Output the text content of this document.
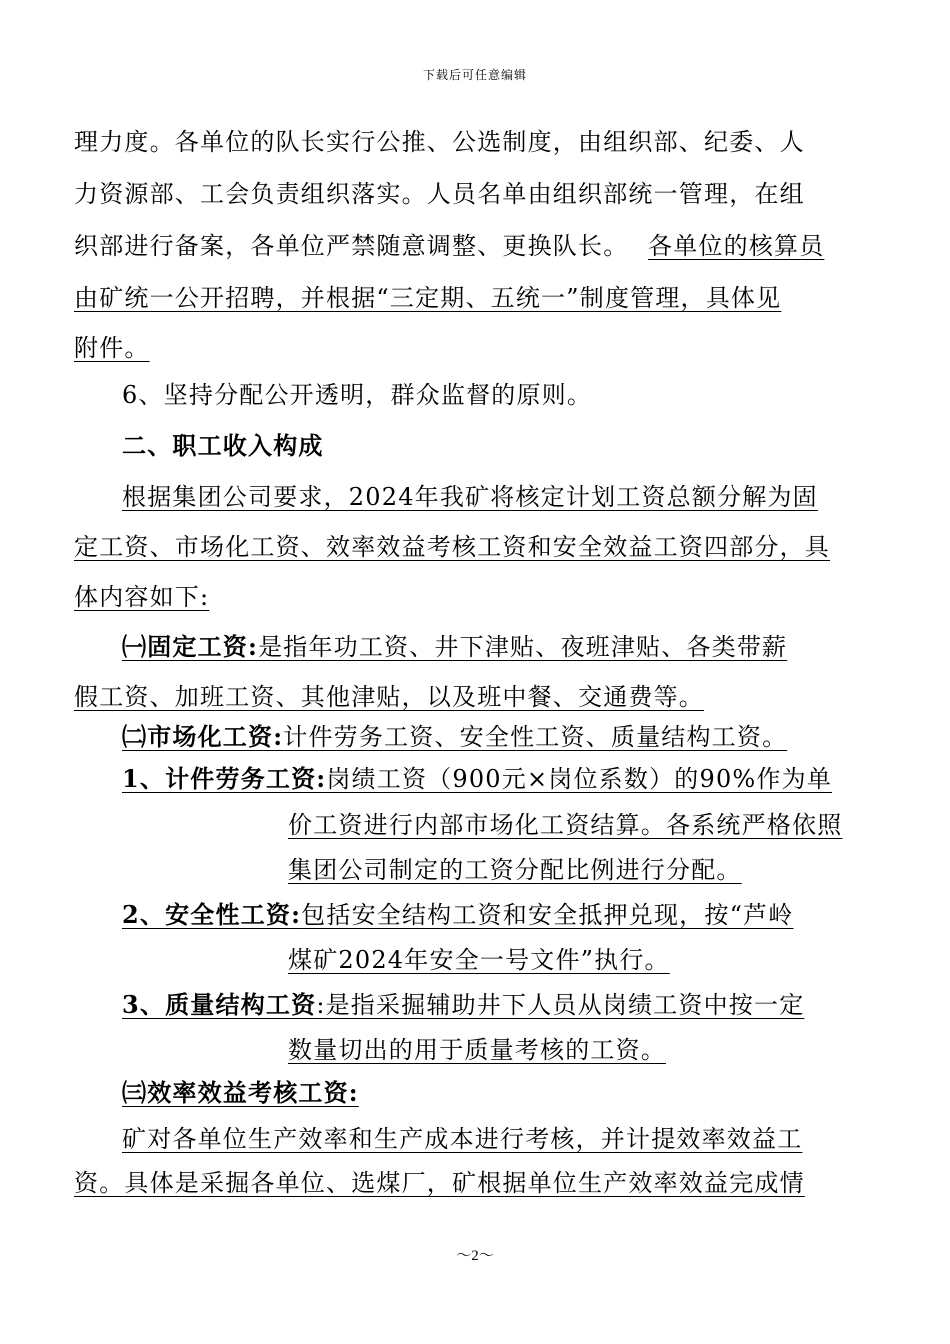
下载后可任意编辑
理力度。各单位的队长实行公推、公选制度，由组织部、纪委、人
力资源部、工会负责组织落实。人员名单由组织部统一管理，在组
织部进行备案，各单位严禁随意调整、更换队长。 各单位的核算员
由矿统一公开招聘，并根据“三定期、五统一”制度管理，具体见
附件。
6、坚持分配公开透明，群众监督的原则。
二、职工收入构成
根据集团公司要求，2024年我矿将核定计划工资总额分解为固
定工资、市场化工资、效率效益考核工资和安全效益工资四部分，具
体内容如下:
㈠固定工资:是指年功工资、井下津贴、夜班津贴、各类带薪
假工资、加班工资、其他津贴，以及班中餐、交通费等。
㈡市场化工资:计件劳务工资、安全性工资、质量结构工资。
1、计件劳务工资:岗绩工资（900元×岗位系数）的90%作为单
价工资进行内部市场化工资结算。各系统严格依照
集团公司制定的工资分配比例进行分配。
2、安全性工资:包括安全结构工资和安全抵押兑现，按“芦岭
煤矿2024年安全一号文件”执行。
3、质量结构工资:是指采掘辅助井下人员从岗绩工资中按一定
数量切出的用于质量考核的工资。
㈢效率效益考核工资:
矿对各单位生产效率和生产成本进行考核，并计提效率效益工
资。具体是采掘各单位、选煤厂，矿根据单位生产效率效益完成情
～2～
